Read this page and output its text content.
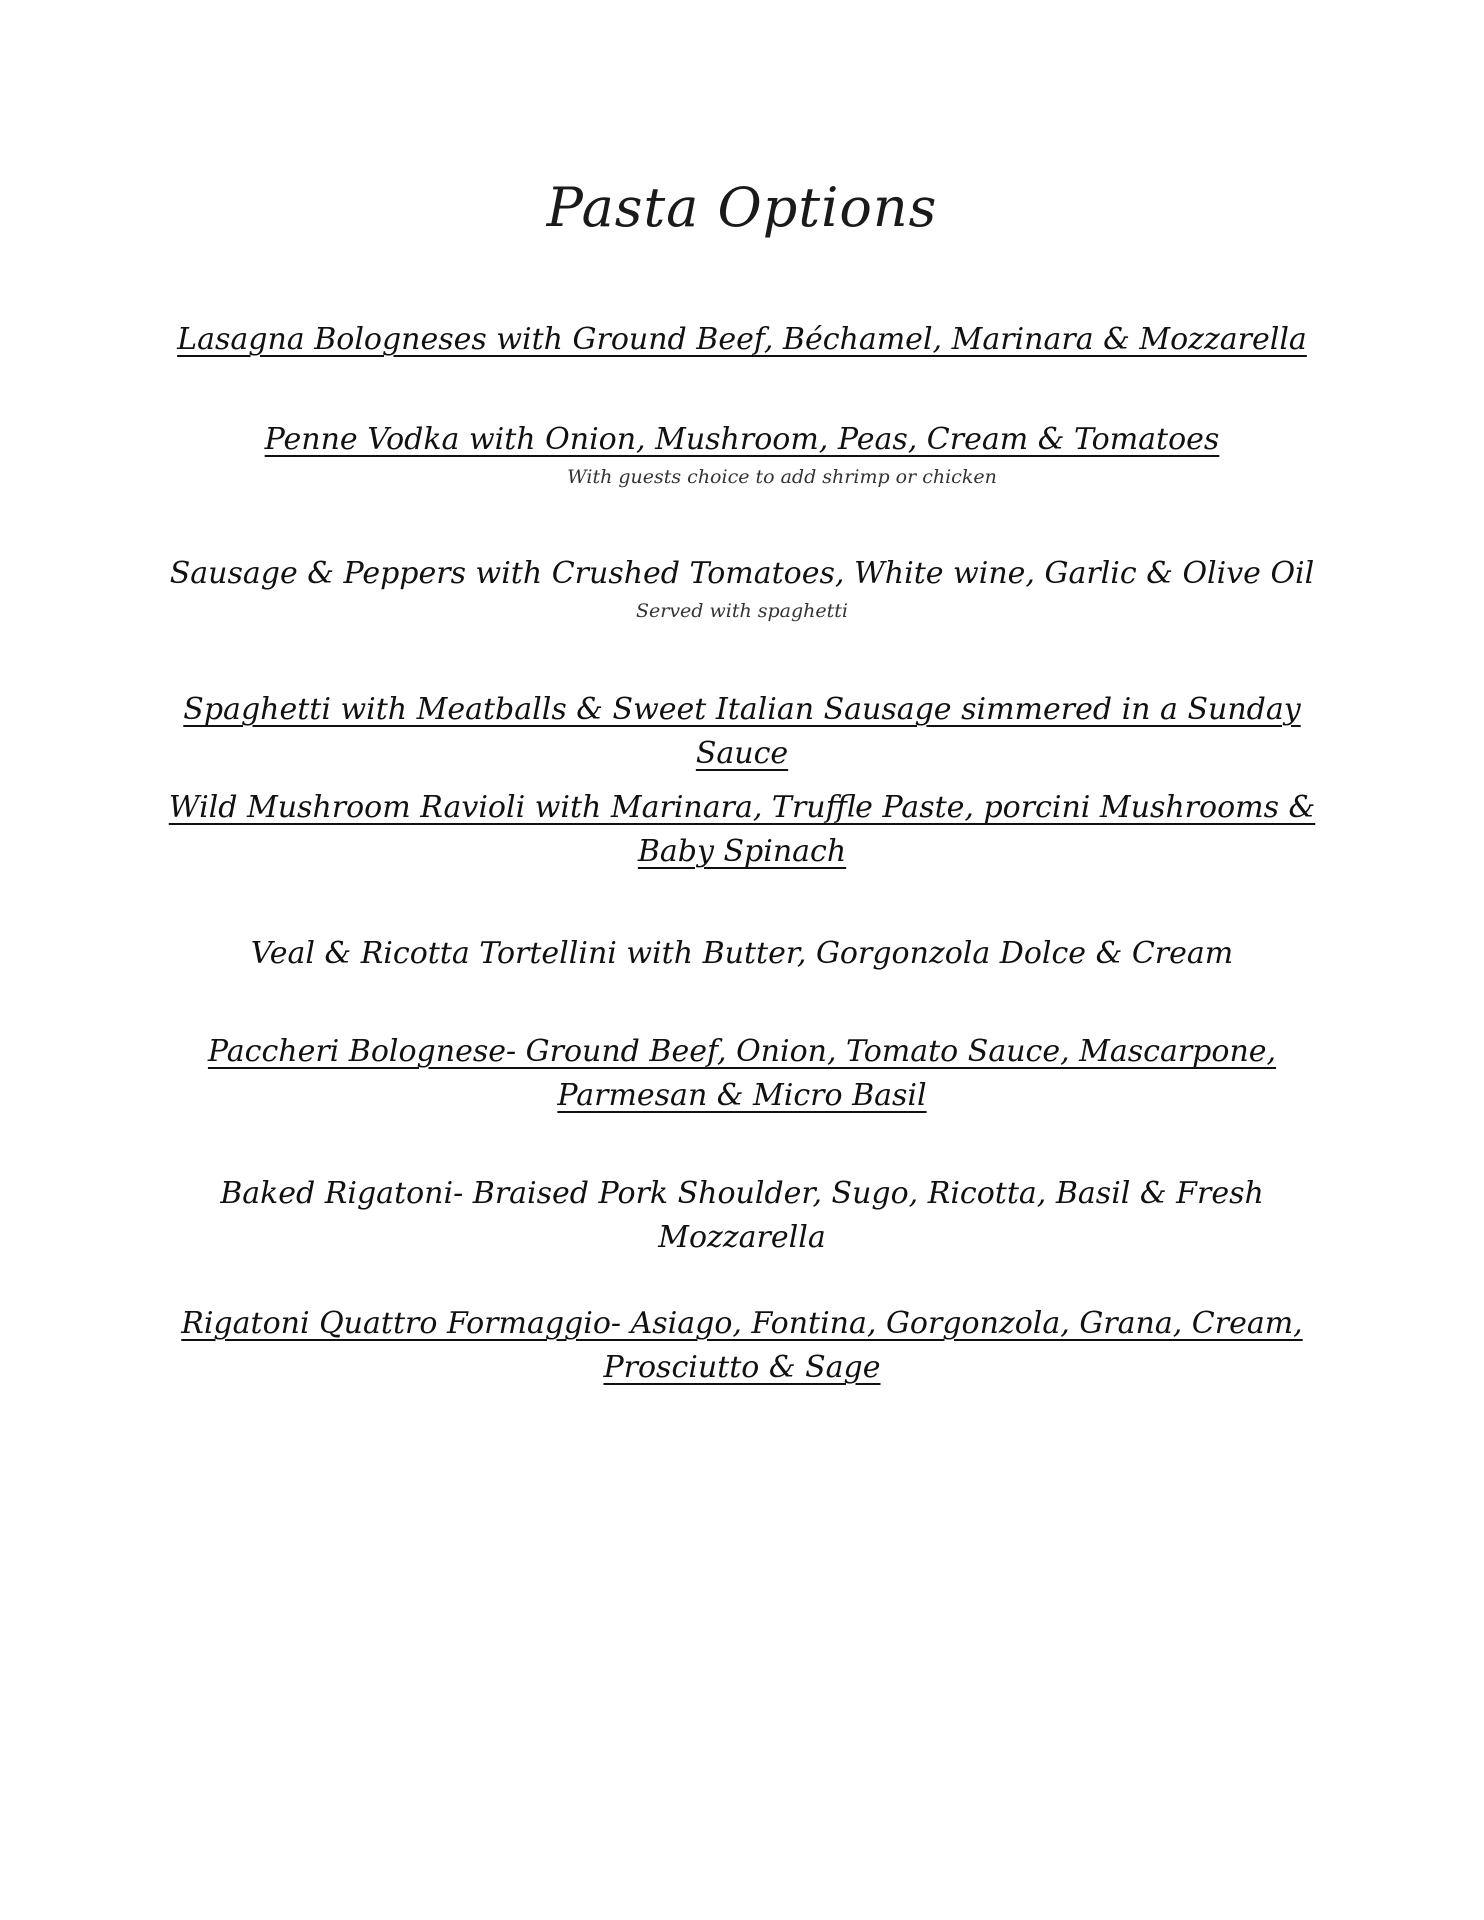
Pasta Options
Lasagna Bologneses with Ground Beef, Béchamel, Marinara & Mozzarella
Penne Vodka with Onion, Mushroom, Peas, Cream & Tomatoes
With guests choice to add shrimp or chicken
Sausage & Peppers with Crushed Tomatoes, White wine, Garlic & Olive Oil
Served with spaghetti
Spaghetti with Meatballs & Sweet Italian Sausage simmered in a Sunday Sauce
Wild Mushroom Ravioli with Marinara, Truffle Paste, porcini Mushrooms & Baby Spinach
Veal & Ricotta Tortellini with Butter, Gorgonzola Dolce & Cream
Paccheri Bolognese- Ground Beef, Onion, Tomato Sauce, Mascarpone, Parmesan & Micro Basil
Baked Rigatoni- Braised Pork Shoulder, Sugo, Ricotta, Basil & Fresh Mozzarella
Rigatoni Quattro Formaggio- Asiago, Fontina, Gorgonzola, Grana, Cream, Prosciutto & Sage
